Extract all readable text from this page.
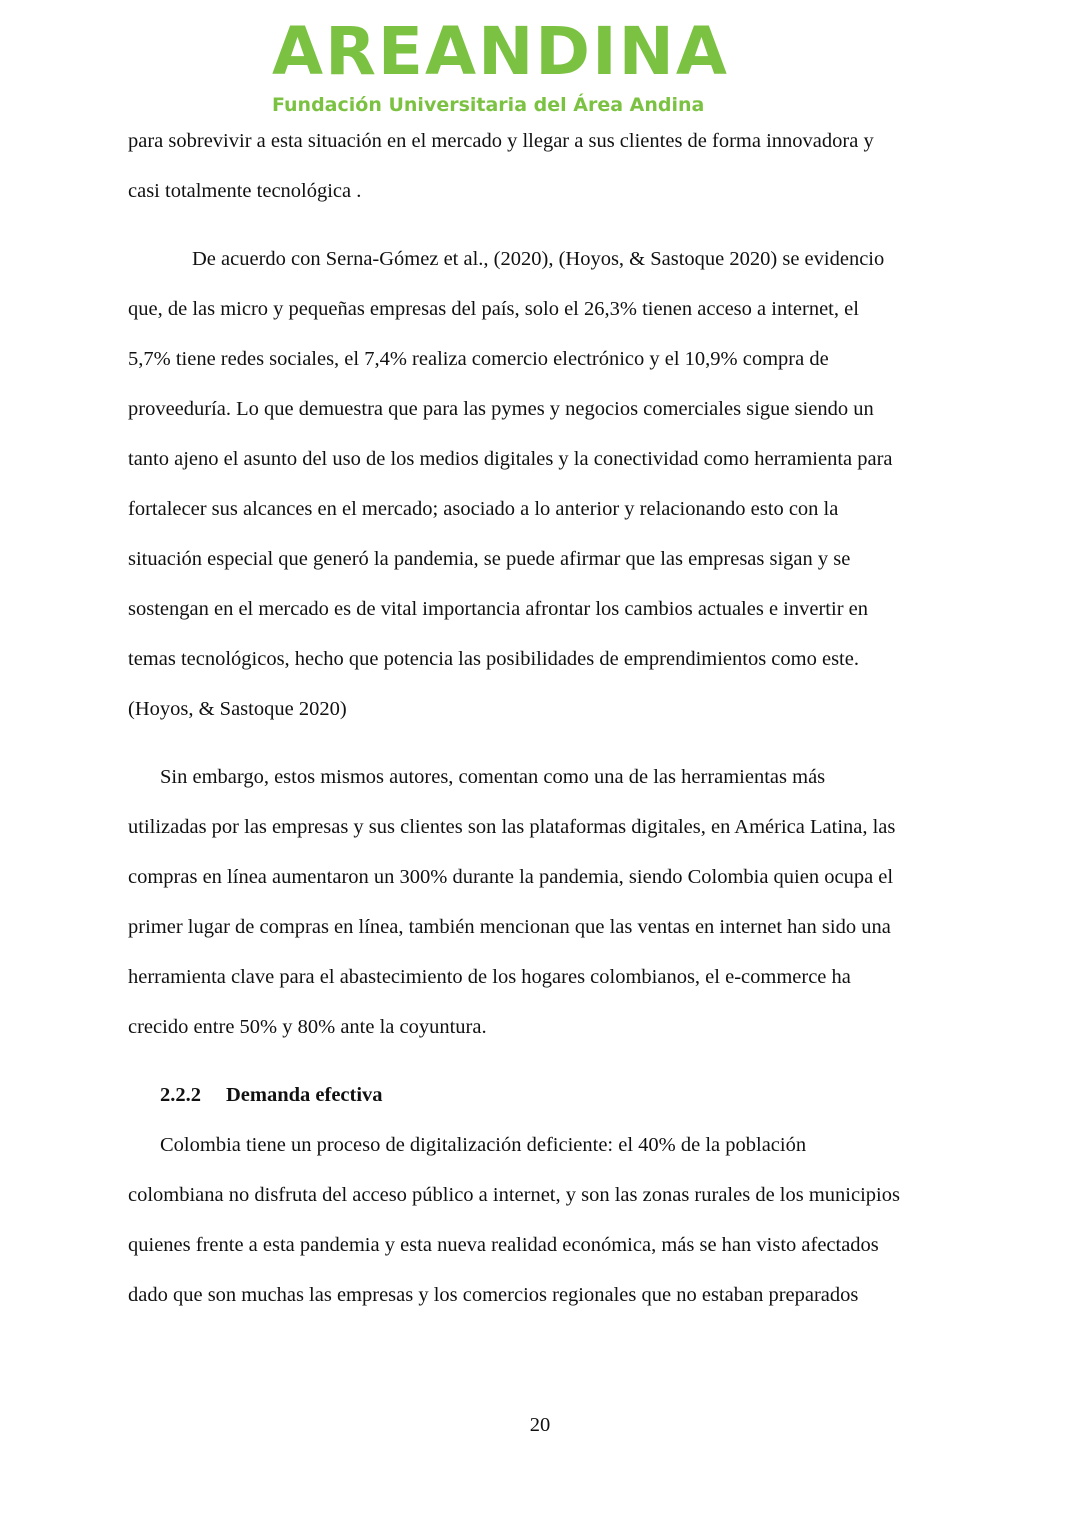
AREANDINA
Fundación Universitaria del Área Andina

para sobrevivir a esta situación en el mercado y llegar a sus clientes de forma innovadora y

casi totalmente tecnológica .

De acuerdo con Serna-Gómez et al., (2020), (Hoyos, & Sastoque 2020) se evidencio

que, de las micro y pequeñas empresas del país, solo el 26,3% tienen acceso a internet, el

5,7% tiene redes sociales, el 7,4% realiza comercio electrónico y el 10,9% compra de

proveeduría. Lo que demuestra que para las pymes y negocios comerciales sigue siendo un

tanto ajeno el asunto del uso de los medios digitales y la conectividad como herramienta para

fortalecer sus alcances en el mercado; asociado a lo anterior y relacionando esto con la

situación especial que generó la pandemia, se puede afirmar que las empresas sigan y se

sostengan en el mercado es de vital importancia afrontar los cambios actuales e invertir en

temas tecnológicos, hecho que potencia las posibilidades de emprendimientos como este.

(Hoyos, & Sastoque 2020)

Sin embargo, estos mismos autores, comentan como una de las herramientas más

utilizadas por las empresas y sus clientes son las plataformas digitales, en América Latina, las

compras en línea aumentaron un 300% durante la pandemia, siendo Colombia quien ocupa el

primer lugar de compras en línea, también mencionan que las ventas en internet han sido una

herramienta clave para el abastecimiento de los hogares colombianos, el e-commerce ha

crecido entre 50% y 80% ante la coyuntura.

2.2.2 Demanda efectiva

Colombia tiene un proceso de digitalización deficiente: el 40% de la población

colombiana no disfruta del acceso público a internet, y son las zonas rurales de los municipios

quienes frente a esta pandemia y esta nueva realidad económica, más se han visto afectados

dado que son muchas las empresas y los comercios regionales que no estaban preparados

20
